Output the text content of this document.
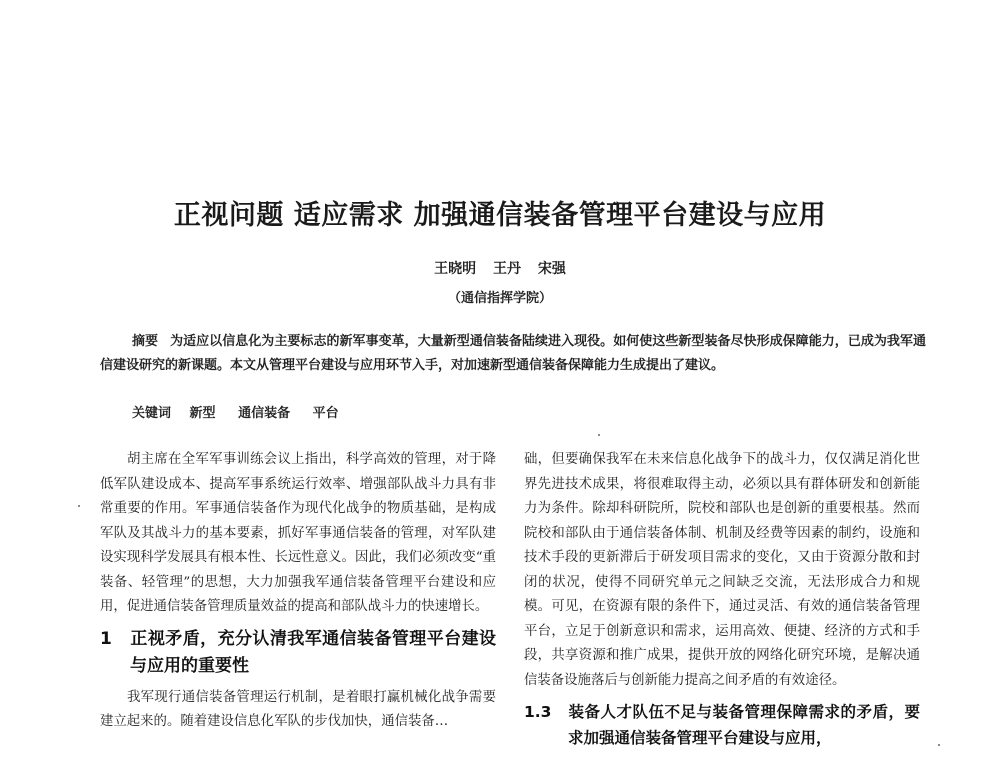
正视问题 适应需求 加强通信装备管理平台建设与应用
王晓明 王丹 宋强
（通信指挥学院）
摘要 为适应以信息化为主要标志的新军事变革，大量新型通信装备陆续进入现役。如何使这些新型装备尽快形成保障能力，已成为我军通信建设研究的新课题。本文从管理平台建设与应用环节入手，对加速新型通信装备保障能力生成提出了建议。
关键词 新型 通信装备 平台

胡主席在全军军事训练会议上指出，科学高效的管理，对于降低军队建设成本、提高军事系统运行效率、增强部队战斗力具有非常重要的作用。军事通信装备作为现代化战争的物质基础，是构成军队及其战斗力的基本要素，抓好军事通信装备的管理，对军队建设实现科学发展具有根本性、长远性意义。因此，我们必须改变“重装备、轻管理”的思想，大力加强我军通信装备管理平台建设和应用，促进通信装备管理质量效益的提高和部队战斗力的快速增长。

1 正视矛盾，充分认清我军通信装备管理平台建设与应用的重要性

我军现行通信装备管理运行机制，是着眼打赢机械化战争需要建立起来的。随着建设信息化军队的步伐加快，通信装备…

础，但要确保我军在未来信息化战争下的战斗力，仅仅满足消化世界先进技术成果，将很难取得主动，必须以具有群体研发和创新能力为条件。除却科研院所，院校和部队也是创新的重要根基。然而院校和部队由于通信装备体制、机制及经费等因素的制约，设施和技术手段的更新滞后于研发项目需求的变化，又由于资源分散和封闭的状况，使得不同研究单元之间缺乏交流，无法形成合力和规模。可见，在资源有限的条件下，通过灵活、有效的通信装备管理平台，立足于创新意识和需求，运用高效、便捷、经济的方式和手段，共享资源和推广成果，提供开放的网络化研究环境，是解决通信装备设施落后与创新能力提高之间矛盾的有效途径。

1.3 装备人才队伍不足与装备管理保障需求的矛盾，要求加强通信装备管理平台建设与应用，
